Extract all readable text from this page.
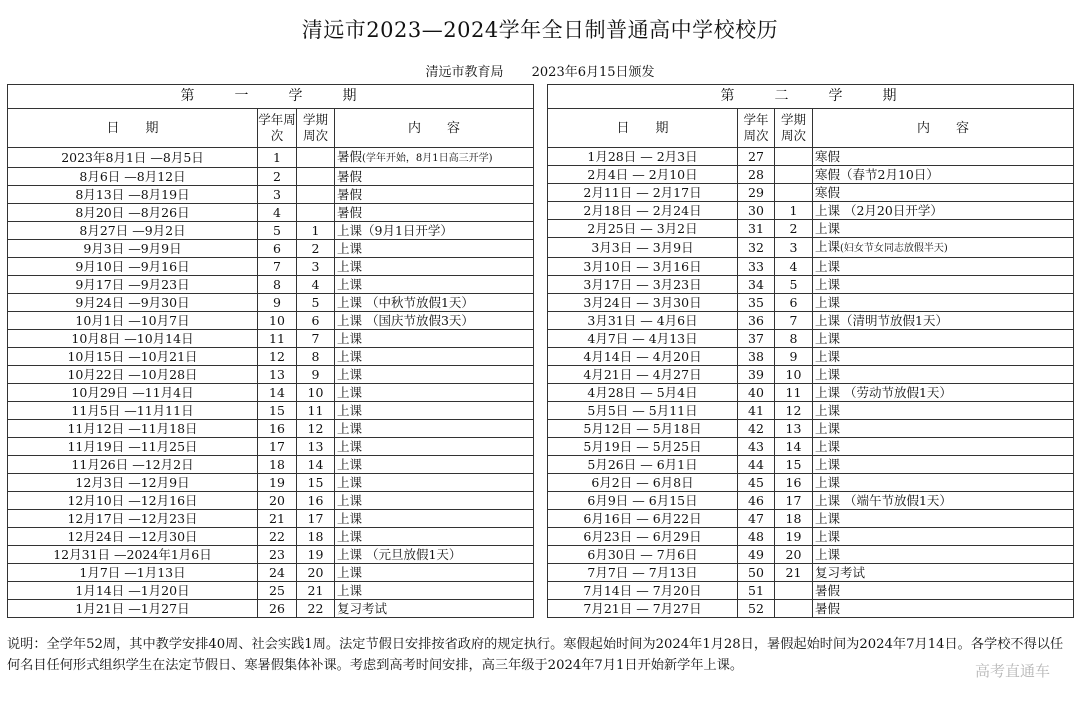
清远市2023—2024学年全日制普通高中学校校历
清远市教育局 2023年6月15日颁发
第　　一　　学　　期			
日　　期	学年周次	学期周次	内　　容
2023年8月1日 —8月5日	1		暑假(学年开始，8月1日高三开学)
8月6日 —8月12日	2		暑假
8月13日 —8月19日	3		暑假
8月20日 —8月26日	4		暑假
8月27日 —9月2日	5	1	上课（9月1日开学）
9月3日 —9月9日	6	2	上课
9月10日 —9月16日	7	3	上课
9月17日 —9月23日	8	4	上课
9月24日 —9月30日	9	5	上课 （中秋节放假1天）
10月1日 —10月7日	10	6	上课 （国庆节放假3天）
10月8日 —10月14日	11	7	上课
10月15日 —10月21日	12	8	上课
10月22日 —10月28日	13	9	上课
10月29日 —11月4日	14	10	上课
11月5日 —11月11日	15	11	上课
11月12日 —11月18日	16	12	上课
11月19日 —11月25日	17	13	上课
11月26日 —12月2日	18	14	上课
12月3日 —12月9日	19	15	上课
12月10日 —12月16日	20	16	上课
12月17日 —12月23日	21	17	上课
12月24日 —12月30日	22	18	上课
12月31日 —2024年1月6日	23	19	上课 （元旦放假1天）
1月7日 —1月13日	24	20	上课
1月14日 —1月20日	25	21	上课
1月21日 —1月27日	26	22	复习考试
第　　二　　学　　期			
日　　期	学年周次	学期周次	内　　容
1月28日 — 2月3日	27		寒假
2月4日 — 2月10日	28		寒假（春节2月10日）
2月11日 — 2月17日	29		寒假
2月18日 — 2月24日	30	1	上课 （2月20日开学）
2月25日 — 3月2日	31	2	上课
3月3日 — 3月9日	32	3	上课(妇女节女同志放假半天)
3月10日 — 3月16日	33	4	上课
3月17日 — 3月23日	34	5	上课
3月24日 — 3月30日	35	6	上课
3月31日 — 4月6日	36	7	上课（清明节放假1天）
4月7日 — 4月13日	37	8	上课
4月14日 — 4月20日	38	9	上课
4月21日 — 4月27日	39	10	上课
4月28日 — 5月4日	40	11	上课 （劳动节放假1天）
5月5日 — 5月11日	41	12	上课
5月12日 — 5月18日	42	13	上课
5月19日 — 5月25日	43	14	上课
5月26日 — 6月1日	44	15	上课
6月2日 — 6月8日	45	16	上课
6月9日 — 6月15日	46	17	上课 （端午节放假1天）
6月16日 — 6月22日	47	18	上课
6月23日 — 6月29日	48	19	上课
6月30日 — 7月6日	49	20	上课
7月7日 — 7月13日	50	21	复习考试
7月14日 — 7月20日	51		暑假
7月21日 — 7月27日	52		暑假
说明：全学年52周，其中教学安排40周、社会实践1周。法定节假日安排按省政府的规定执行。寒假起始时间为2024年1月28日，暑假起始时间为2024年7月14日。各学校不得以任何名目任何形式组织学生在法定节假日、寒暑假集体补课。考虑到高考时间安排，高三年级于2024年7月1日开始新学年上课。	高考直通车
